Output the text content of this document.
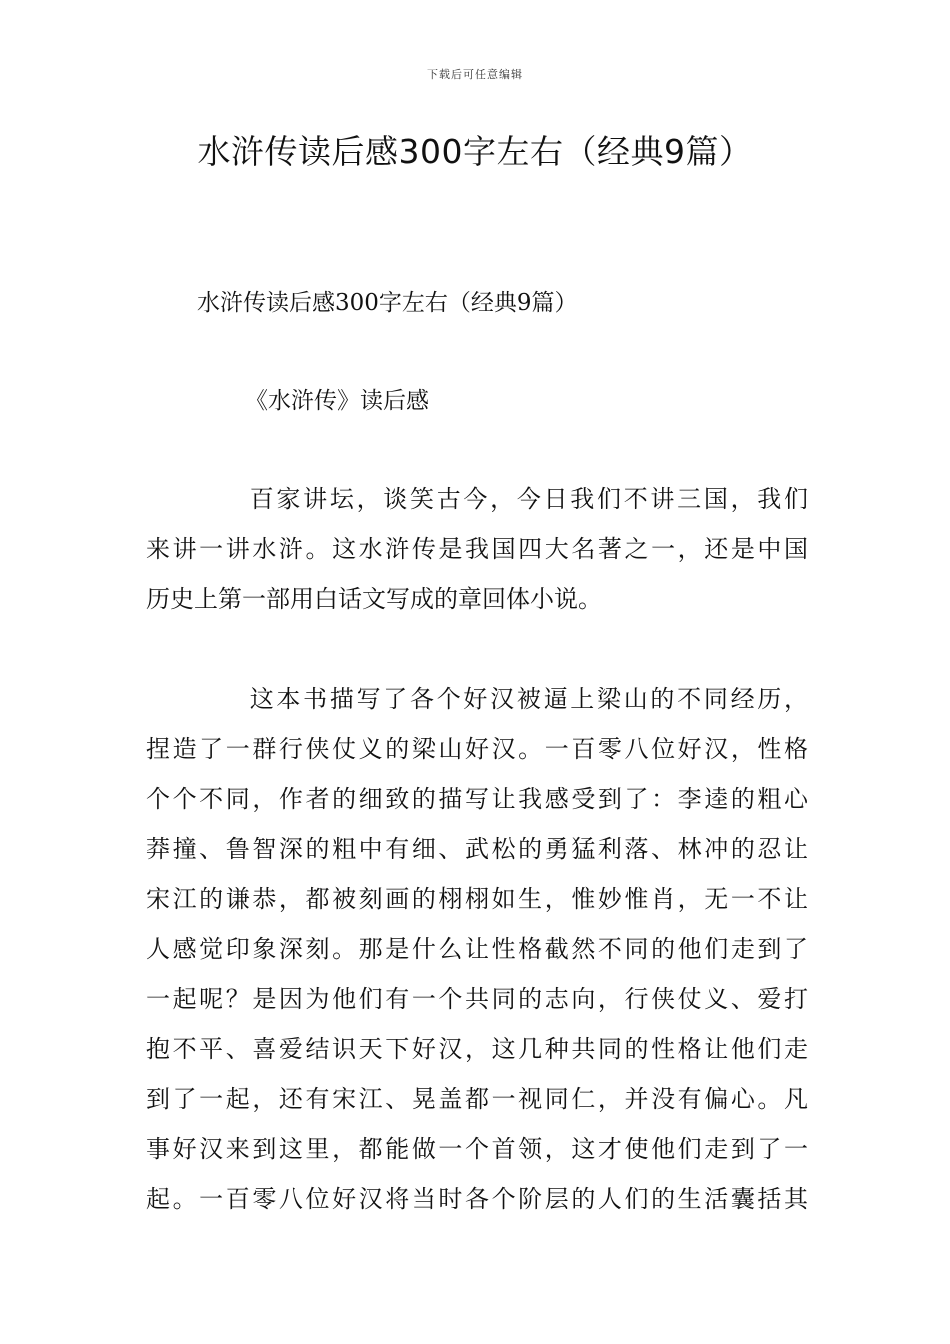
下载后可任意编辑
水浒传读后感300字左右（经典9篇）

水浒传读后感300字左右（经典9篇）

《水浒传》读后感

百家讲坛，谈笑古今，今日我们不讲三国，我们
来讲一讲水浒。这水浒传是我国四大名著之一，还是中国
历史上第一部用白话文写成的章回体小说。
这本书描写了各个好汉被逼上梁山的不同经历，
捏造了一群行侠仗义的梁山好汉。一百零八位好汉，性格
个个不同，作者的细致的描写让我感受到了：李逵的粗心
莽撞、鲁智深的粗中有细、武松的勇猛利落、林冲的忍让
宋江的谦恭，都被刻画的栩栩如生，惟妙惟肖，无一不让
人感觉印象深刻。那是什么让性格截然不同的他们走到了
一起呢？是因为他们有一个共同的志向，行侠仗义、爱打
抱不平、喜爱结识天下好汉，这几种共同的性格让他们走
到了一起，还有宋江、晃盖都一视同仁，并没有偏心。凡
事好汉来到这里，都能做一个首领，这才使他们走到了一
起。一百零八位好汉将当时各个阶层的人们的生活囊括其
